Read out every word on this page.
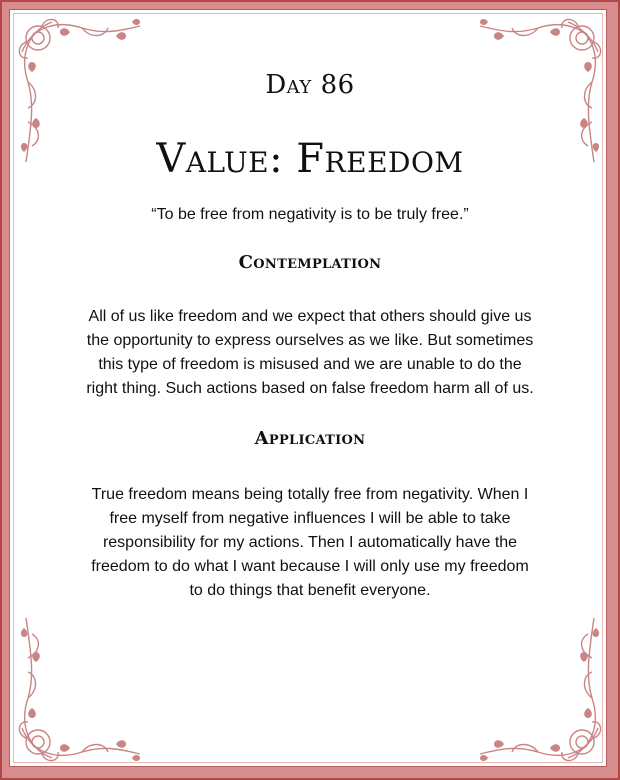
Day 86
Value: Freedom
“To be free from negativity is to be truly free.”
Contemplation
All of us like freedom and we expect that others should give us
the opportunity to express ourselves as we like. But sometimes
this type of freedom is misused and we are unable to do the
right thing. Such actions based on false freedom harm all of us.
Application
True freedom means being totally free from negativity. When I
free myself from negative influences I will be able to take
responsibility for my actions. Then I automatically have the
freedom to do what I want because I will only use my freedom
to do things that benefit everyone.
